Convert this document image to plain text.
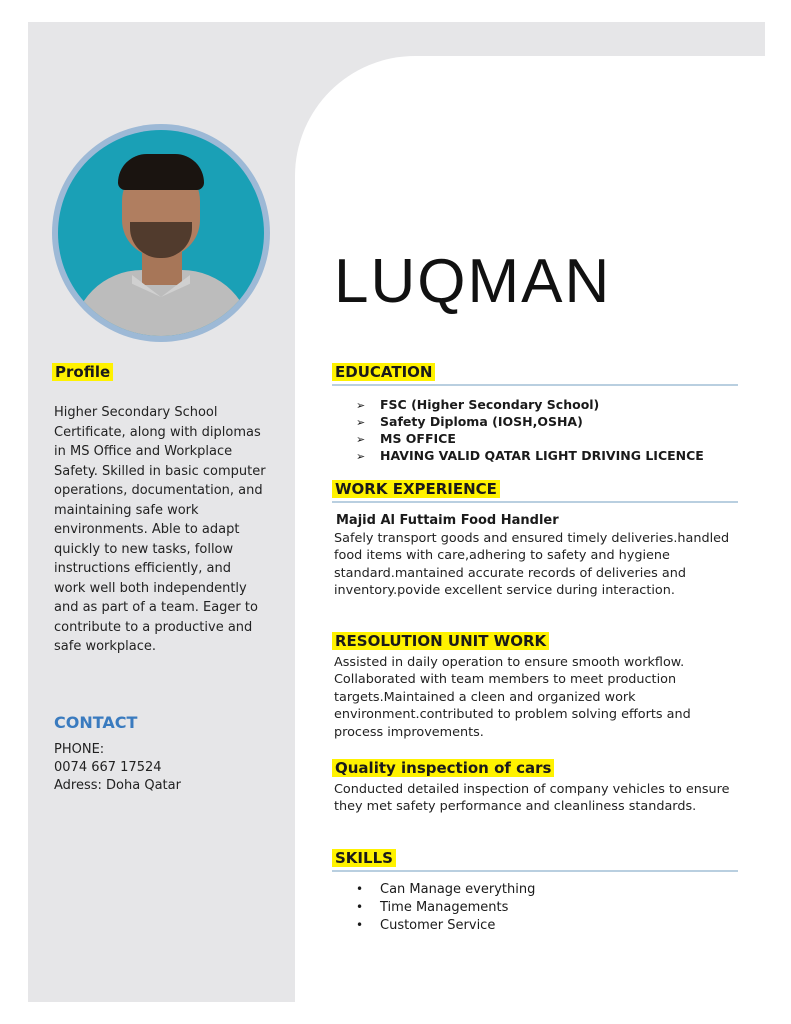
Profile
Higher Secondary School Certificate, along with diplomas in MS Office and Workplace Safety. Skilled in basic computer operations, documentation, and maintaining safe work environments. Able to adapt quickly to new tasks, follow instructions efficiently, and work well both independently and as part of a team. Eager to contribute to a productive and safe workplace.
CONTACT
PHONE:
0074 667 17524
Adress: Doha Qatar
LUQMAN
EDUCATION
➢ FSC (Higher Secondary School)
➢ Safety Diploma (IOSH,OSHA)
➢ MS OFFICE
➢ HAVING VALID QATAR LIGHT DRIVING LICENCE
WORK EXPERIENCE
Majid Al Futtaim Food Handler
Safely transport goods and ensured timely deliveries.handled food items with care,adhering to safety and hygiene standard.mantained accurate records of deliveries and inventory.povide excellent service during interaction.
RESOLUTION UNIT WORK
Assisted in daily operation to ensure smooth workflow. Collaborated with team members to meet production targets.Maintained a cleen and organized work environment.contributed to problem solving efforts and process improvements.
Quality inspection of cars
Conducted detailed inspection of company vehicles to ensure they met safety performance and cleanliness standards.
SKILLS
• Can Manage everything
• Time Managements
• Customer Service
